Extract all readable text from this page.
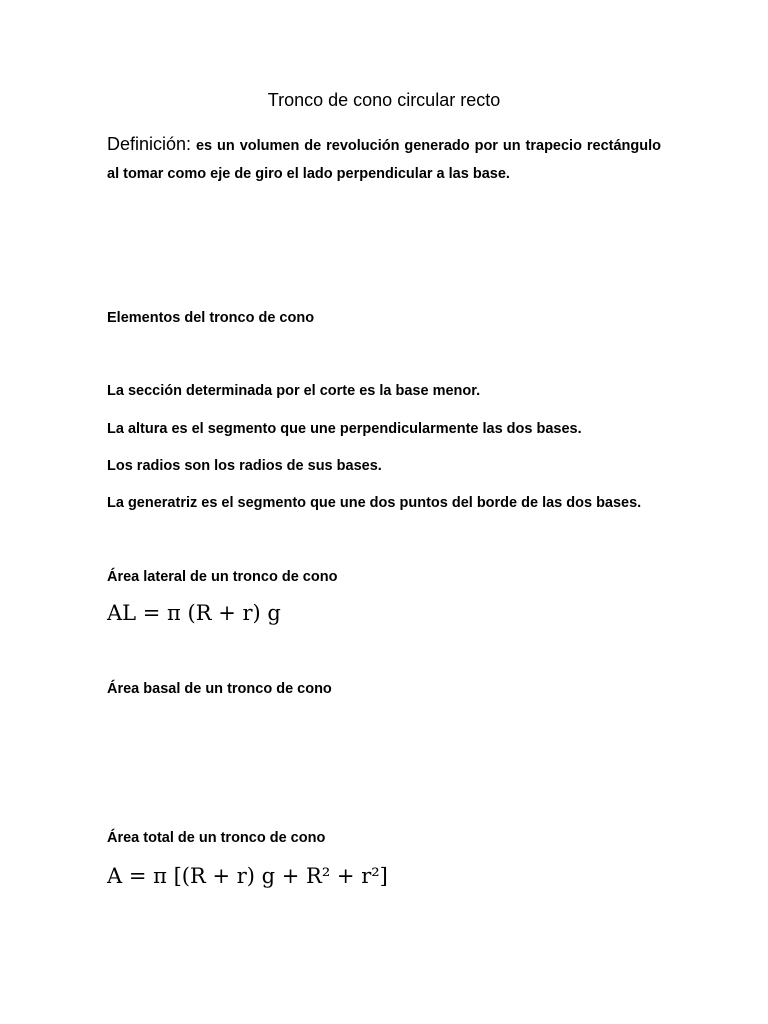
Tronco de cono circular recto
Definición: es un volumen de revolución generado por un trapecio rectángulo al tomar como eje de giro el lado perpendicular a las base.
Elementos del tronco de cono
La sección determinada por el corte es la base menor.
La altura es el segmento que une perpendicularmente las dos bases.
Los radios son los radios de sus bases.
La generatriz es el segmento que une dos puntos del borde de las dos bases.
Área lateral de un tronco de cono
AL = π (R + r) g
Área basal de un tronco de cono
Área total de un tronco de cono
A = π [(R + r) g + R² + r²]
